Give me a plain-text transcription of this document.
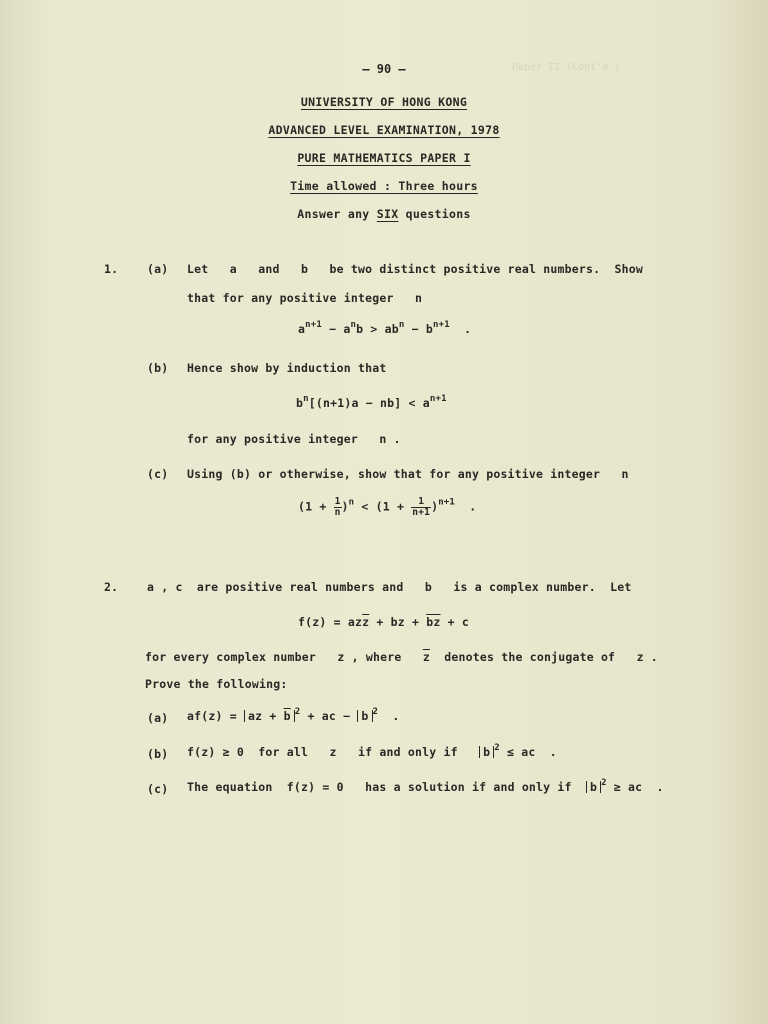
Paper II (Cont'd.)
— 90 —
UNIVERSITY OF HONG KONG
ADVANCED LEVEL EXAMINATION, 1978
PURE MATHEMATICS PAPER I
Time allowed : Three hours
Answer any SIX questions
1.	(a) Let a and b be two distinct positive real numbers. Show
that for any positive integer n
$a^{n+1} - a^nb > ab^n - b^{n+1}$  .
(b) Hence show by induction that
$b^n[(n+1)a - nb] < a^{n+1}$
for any positive integer n .
(c) Using (b) or otherwise, show that for any positive integer n
$(1 + \frac{1}{n} )^n < (1 + \frac{1}{n+1} )^{n+1}$  .
2.	a , c are positive real numbers and b is a complex number. Let
$f(z) = az\overline{z}$ + bz + $\overline{bz} + c$
for every complex number z , where $\overline{z}$ denotes the conjugate of z .
Prove the following:
(a) af(z) = az + $\overline{b}$ $^2$ + ac − b $^2$  .
(b) f(z) ≥ 0  for all z if and only if b $^2$ ≤ ac  .
(c) The equation  f(z) = 0   has a solution if and only if b $^2$ ≥ ac  .
